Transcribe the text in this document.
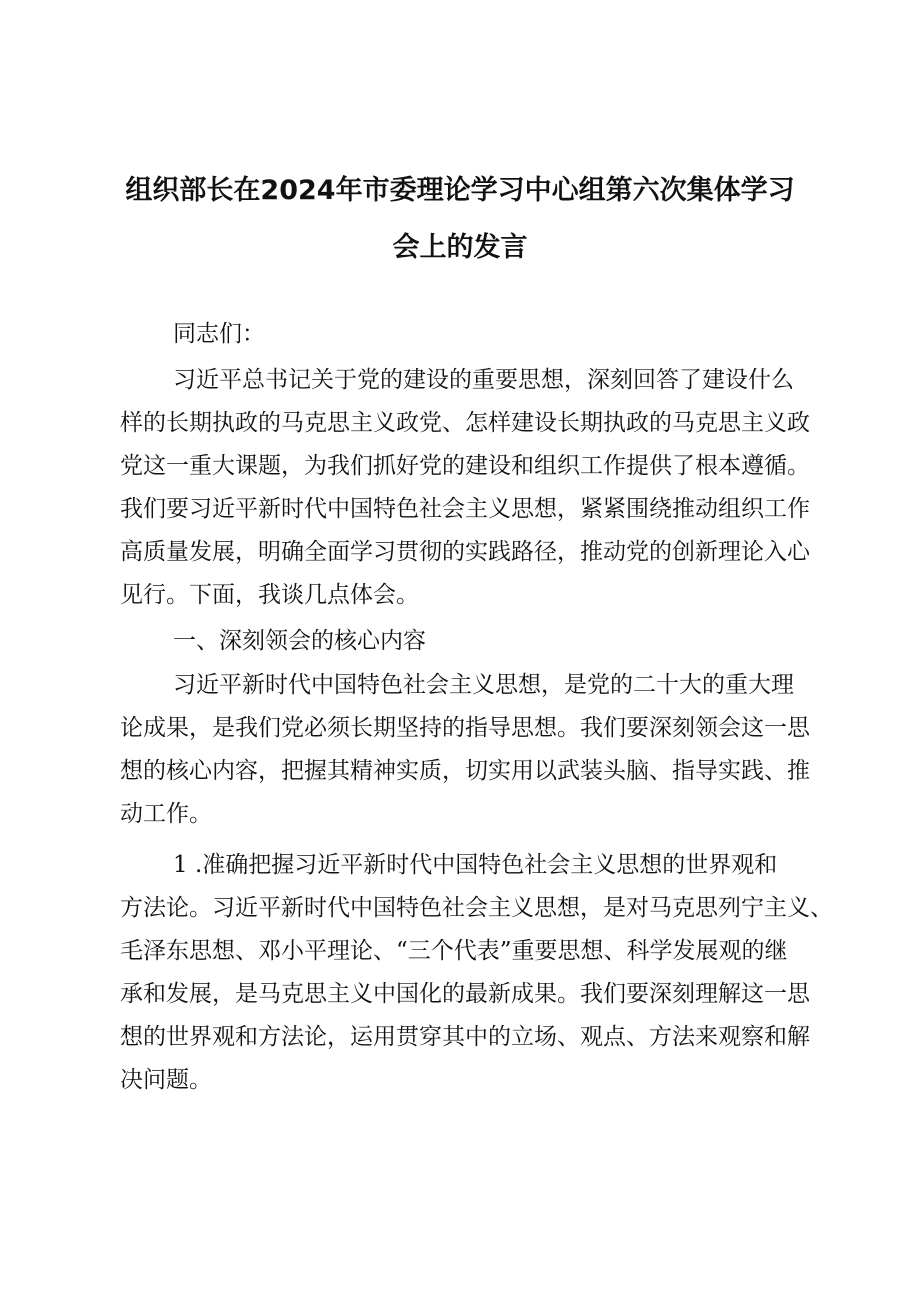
组织部长在2024年市委理论学习中心组第六次集体学习
会上的发言
同志们：
习近平总书记关于党的建设的重要思想，深刻回答了建设什么
样的长期执政的马克思主义政党、怎样建设长期执政的马克思主义政
党这一重大课题，为我们抓好党的建设和组织工作提供了根本遵循。
我们要习近平新时代中国特色社会主义思想，紧紧围绕推动组织工作
高质量发展，明确全面学习贯彻的实践路径，推动党的创新理论入心
见行。下面，我谈几点体会。
一、深刻领会的核心内容
习近平新时代中国特色社会主义思想，是党的二十大的重大理
论成果，是我们党必须长期坚持的指导思想。我们要深刻领会这一思
想的核心内容，把握其精神实质，切实用以武装头脑、指导实践、推
动工作。
1 .准确把握习近平新时代中国特色社会主义思想的世界观和
方法论。习近平新时代中国特色社会主义思想，是对马克思列宁主义、
毛泽东思想、邓小平理论、“三个代表”重要思想、科学发展观的继
承和发展，是马克思主义中国化的最新成果。我们要深刻理解这一思
想的世界观和方法论，运用贯穿其中的立场、观点、方法来观察和解
决问题。
